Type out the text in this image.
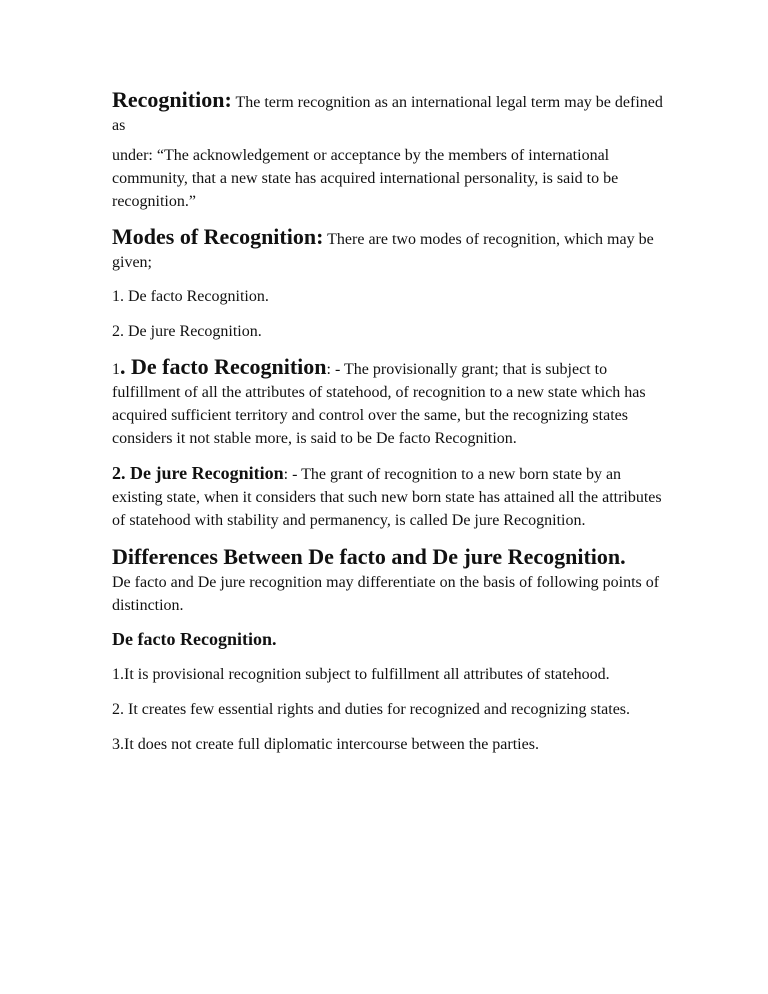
Recognition: The term recognition as an international legal term may be defined as

under: “The acknowledgement or acceptance by the members of international community, that a new state has acquired international personality, is said to be recognition.”

Modes of Recognition: There are two modes of recognition, which may be given;

1. De facto Recognition.

2. De jure Recognition.

1. De facto Recognition: - The provisionally grant; that is subject to fulfillment of all the attributes of statehood, of recognition to a new state which has acquired sufficient territory and control over the same, but the recognizing states considers it not stable more, is said to be De facto Recognition.

2. De jure Recognition: - The grant of recognition to a new born state by an existing state, when it considers that such new born state has attained all the attributes of statehood with stability and permanency, is called De jure Recognition.

Differences Between De facto and De jure Recognition.
De facto and De jure recognition may differentiate on the basis of following points of distinction.

De facto Recognition.

1.It is provisional recognition subject to fulfillment all attributes of statehood.

2. It creates few essential rights and duties for recognized and recognizing states.

3.It does not create full diplomatic intercourse between the parties.
